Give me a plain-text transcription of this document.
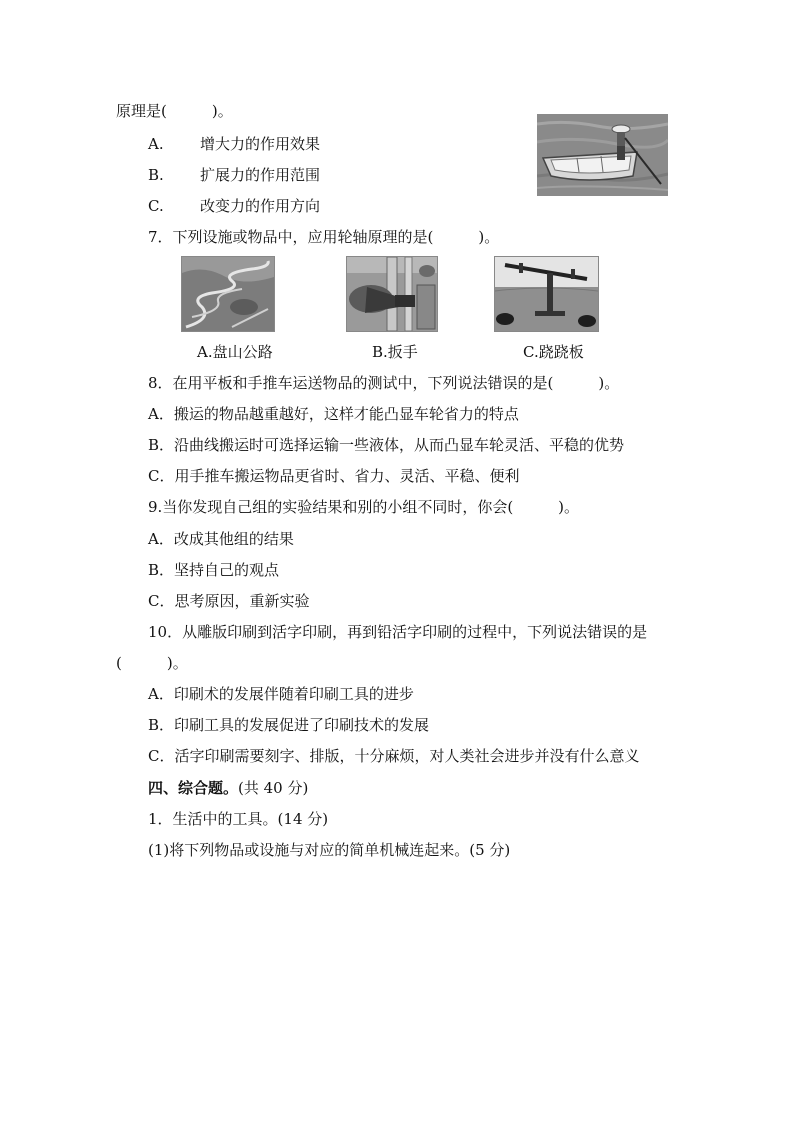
原理是(　　　)。
A. 增大力的作用效果
B. 扩展力的作用范围
C. 改变力的作用方向
7．下列设施或物品中，应用轮轴原理的是(　　　)。
A.盘山公路	B.扳手	C.跷跷板
8．在用平板和手推车运送物品的测试中，下列说法错误的是(　　　)。
A．搬运的物品越重越好，这样才能凸显车轮省力的特点
B．沿曲线搬运时可选择运输一些液体，从而凸显车轮灵活、平稳的优势
C．用手推车搬运物品更省时、省力、灵活、平稳、便利
9.当你发现自己组的实验结果和别的小组不同时，你会(　　　)。
A．改成其他组的结果
B．坚持自己的观点
C．思考原因，重新实验
10．从雕版印刷到活字印刷，再到铅活字印刷的过程中，下列说法错误的是
(　　　)。
A．印刷术的发展伴随着印刷工具的进步
B．印刷工具的发展促进了印刷技术的发展
C．活字印刷需要刻字、排版，十分麻烦，对人类社会进步并没有什么意义
四、综合题。(共 40 分)
1．生活中的工具。(14 分)
(1)将下列物品或设施与对应的简单机械连起来。(5 分)
